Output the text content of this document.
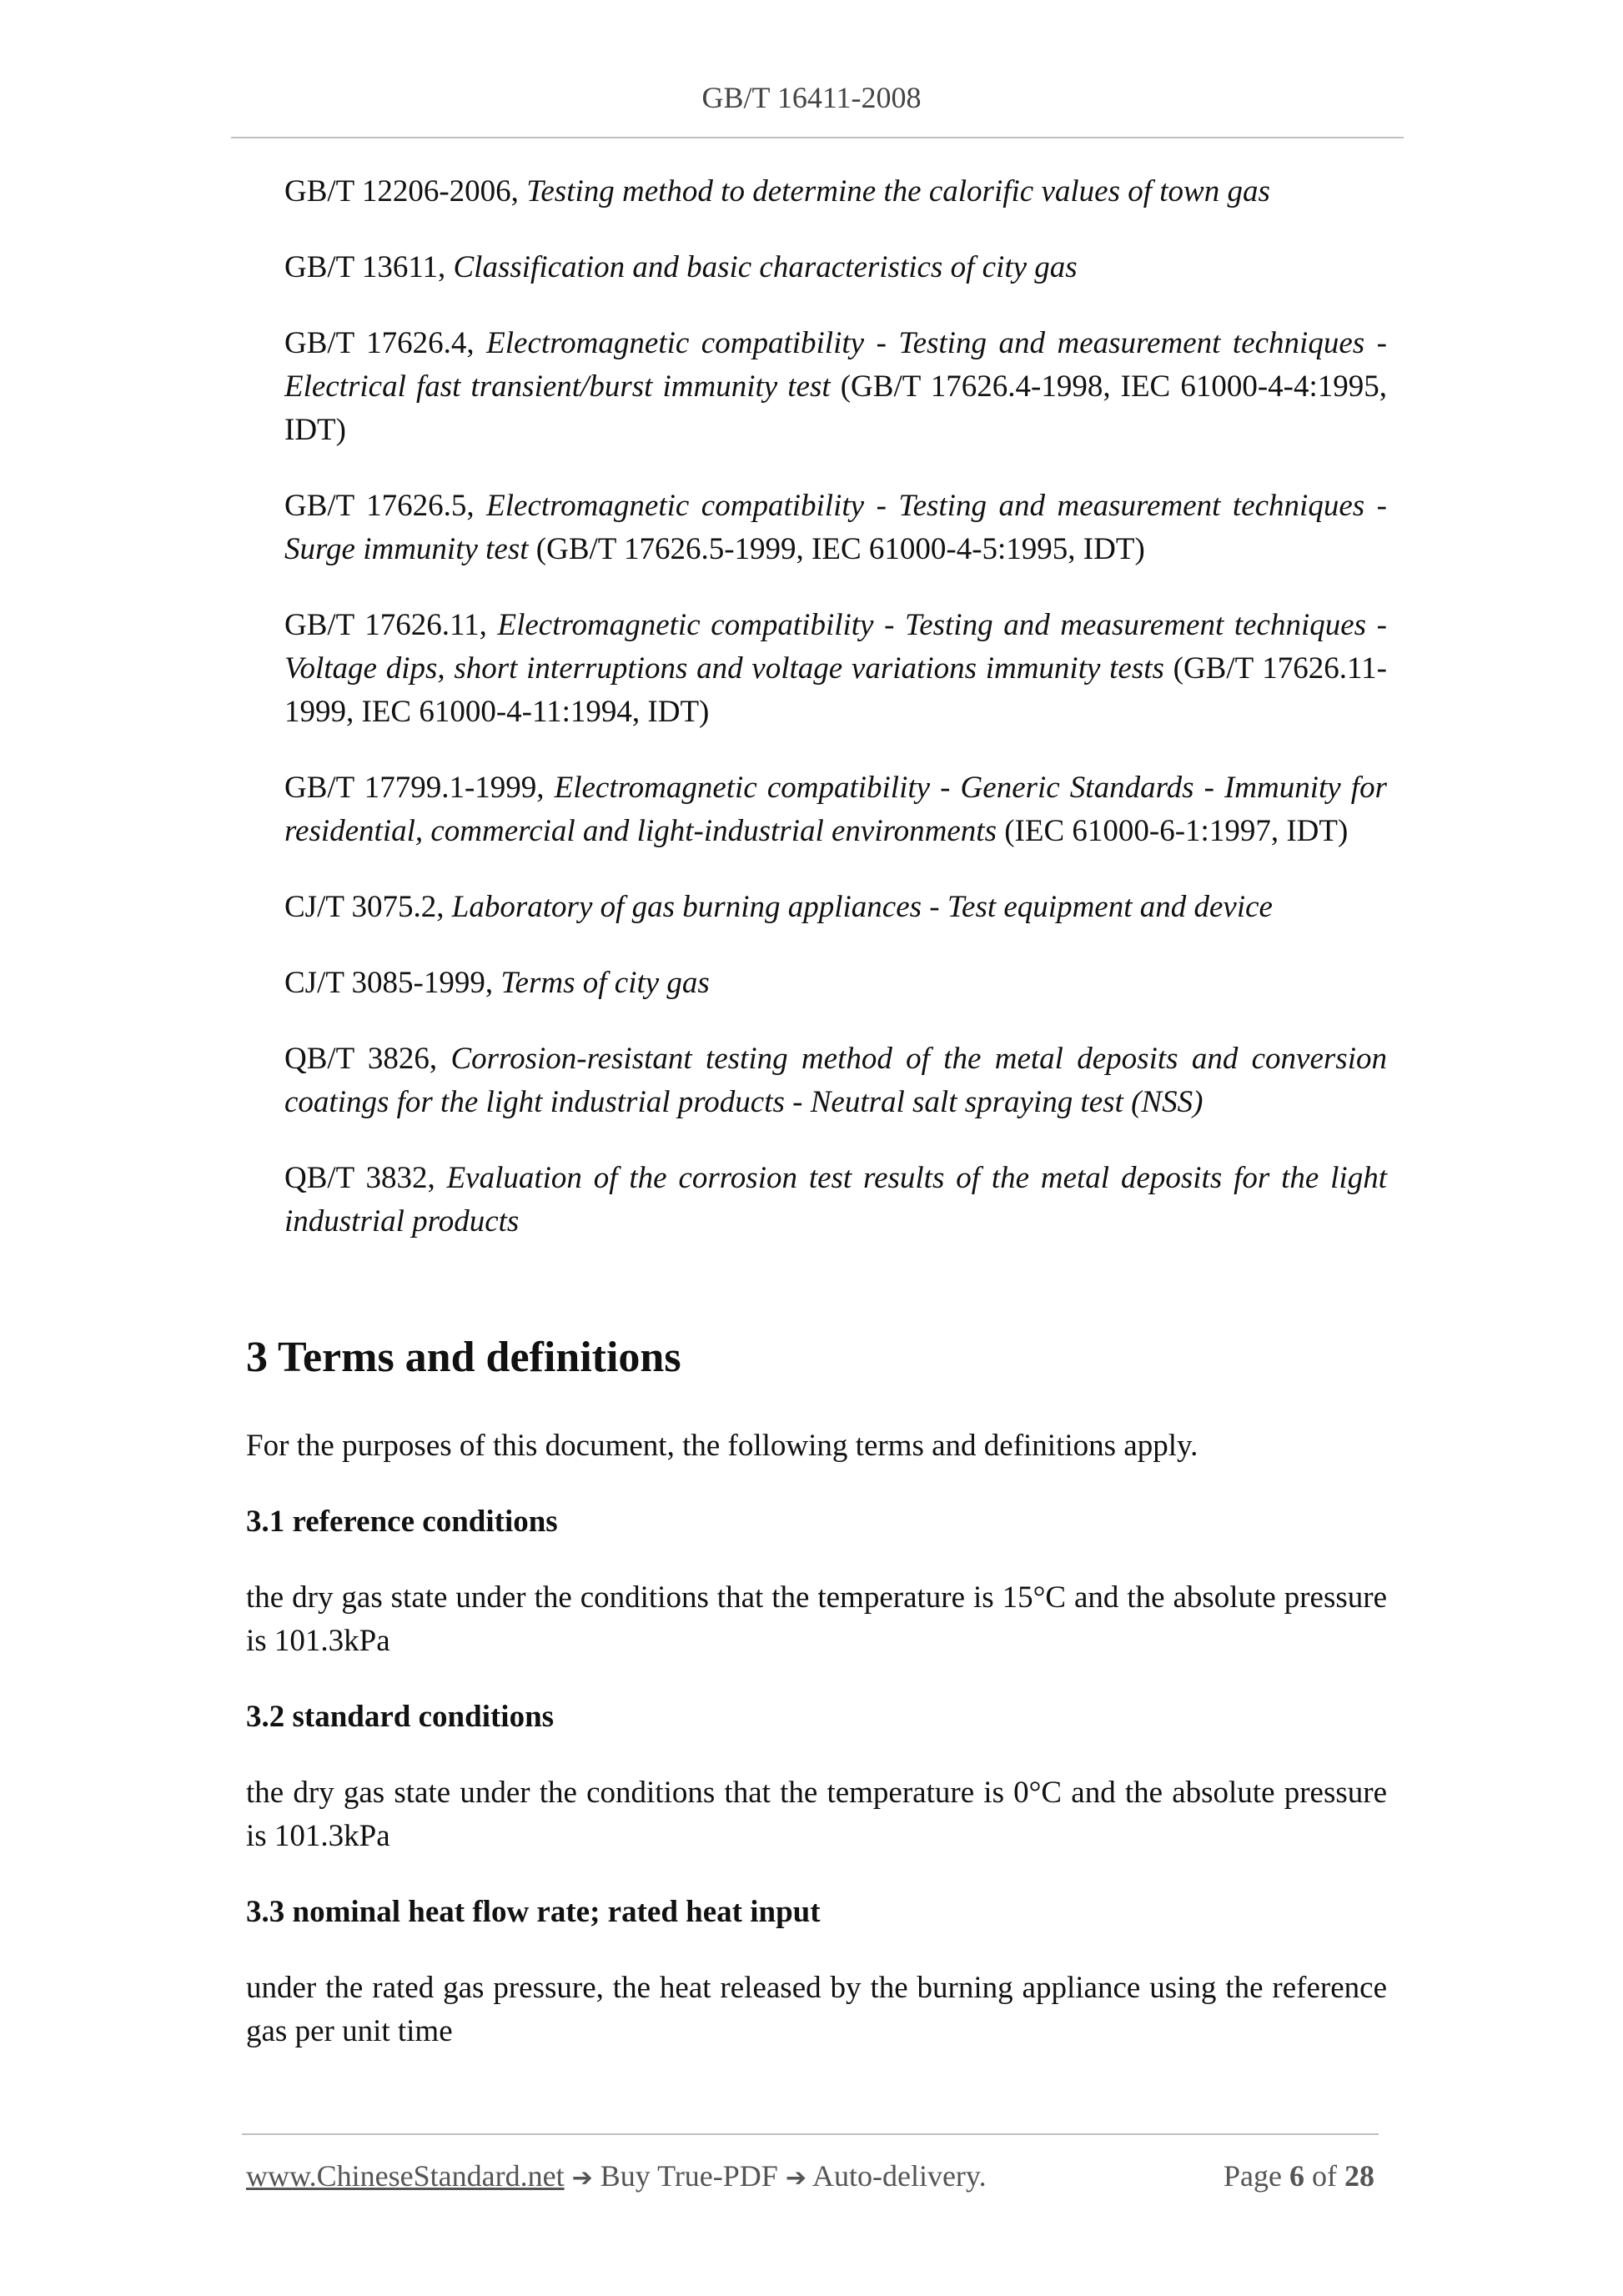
GB/T 16411-2008

GB/T 12206-2006, Testing method to determine the calorific values of town gas

GB/T 13611, Classification and basic characteristics of city gas

GB/T 17626.4, Electromagnetic compatibility - Testing and measurement techniques - Electrical fast transient/burst immunity test (GB/T 17626.4-1998, IEC 61000-4-4:1995, IDT)

GB/T 17626.5, Electromagnetic compatibility - Testing and measurement techniques - Surge immunity test (GB/T 17626.5-1999, IEC 61000-4-5:1995, IDT)

GB/T 17626.11, Electromagnetic compatibility - Testing and measurement techniques - Voltage dips, short interruptions and voltage variations immunity tests (GB/T 17626.11-1999, IEC 61000-4-11:1994, IDT)

GB/T 17799.1-1999, Electromagnetic compatibility - Generic Standards - Immunity for residential, commercial and light-industrial environments (IEC 61000-6-1:1997, IDT)

CJ/T 3075.2, Laboratory of gas burning appliances - Test equipment and device

CJ/T 3085-1999, Terms of city gas

QB/T 3826, Corrosion-resistant testing method of the metal deposits and conversion coatings for the light industrial products - Neutral salt spraying test (NSS)

QB/T 3832, Evaluation of the corrosion test results of the metal deposits for the light industrial products

3 Terms and definitions

For the purposes of this document, the following terms and definitions apply.

3.1 reference conditions

the dry gas state under the conditions that the temperature is 15°C and the absolute pressure is 101.3kPa

3.2 standard conditions

the dry gas state under the conditions that the temperature is 0°C and the absolute pressure is 101.3kPa

3.3 nominal heat flow rate; rated heat input

under the rated gas pressure, the heat released by the burning appliance using the reference gas per unit time

www.ChineseStandard.net ➔ Buy True-PDF ➔ Auto-delivery.	Page 6 of 28
